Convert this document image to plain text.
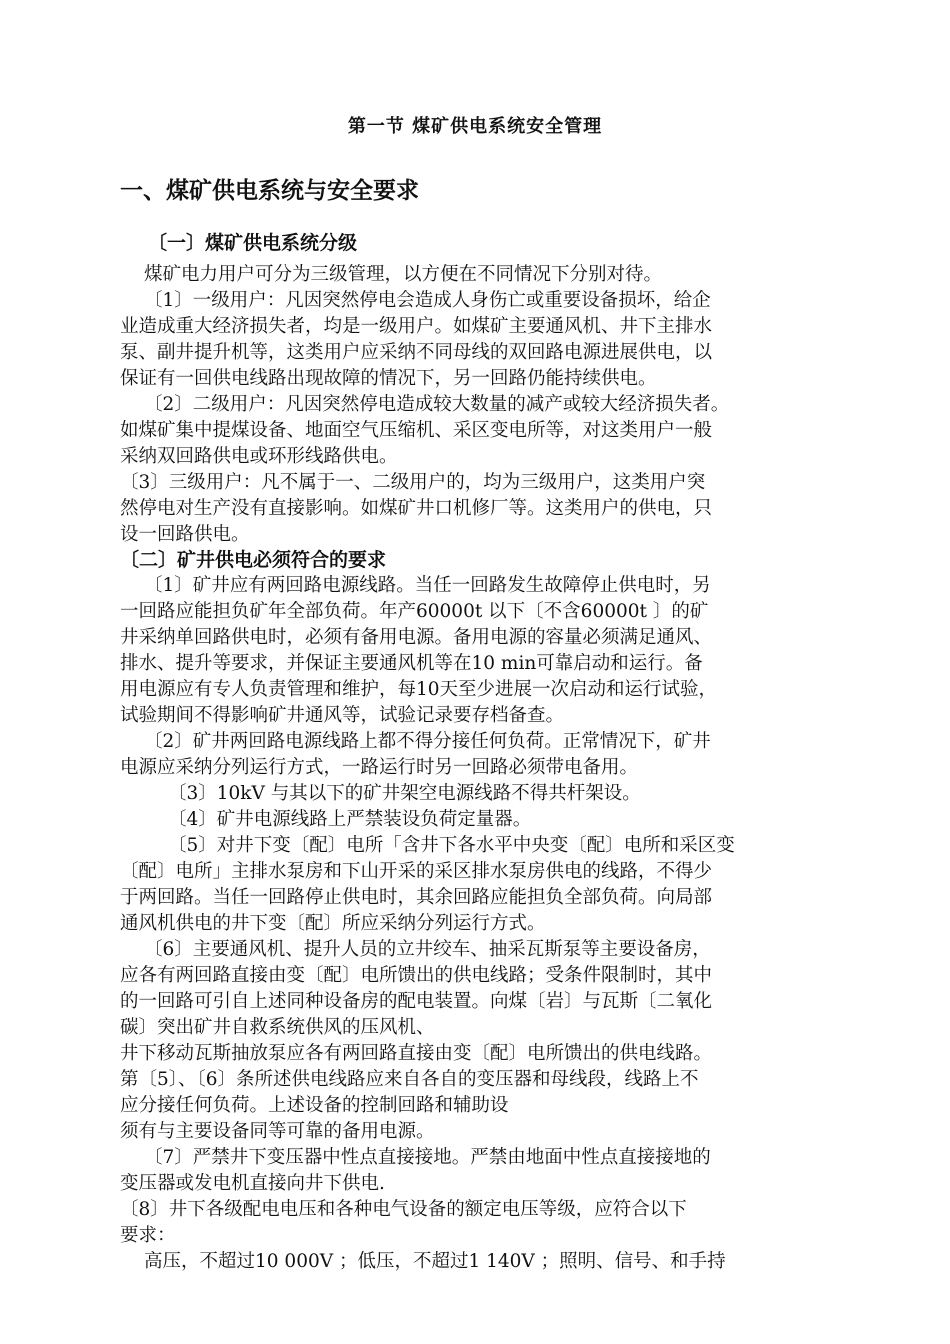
第一节 煤矿供电系统安全管理
一、煤矿供电系统与安全要求
〔一〕煤矿供电系统分级
煤矿电力用户可分为三级管理，以方便在不同情况下分别对待。
〔1〕一级用户：凡因突然停电会造成人身伤亡或重要设备损坏，给企
业造成重大经济损失者，均是一级用户。如煤矿主要通风机、井下主排水
泵、副井提升机等，这类用户应采纳不同母线的双回路电源进展供电，以
保证有一回供电线路出现故障的情况下，另一回路仍能持续供电。
〔2〕二级用户：凡因突然停电造成较大数量的减产或较大经济损失者。
如煤矿集中提煤设备、地面空气压缩机、采区变电所等，对这类用户一般
采纳双回路供电或环形线路供电。
〔3〕三级用户：凡不属于一、二级用户的，均为三级用户，这类用户突
然停电对生产没有直接影响。如煤矿井口机修厂等。这类用户的供电，只
设一回路供电。
〔二〕矿井供电必须符合的要求
〔1〕矿井应有两回路电源线路。当任一回路发生故障停止供电时，另
一回路应能担负矿年全部负荷。年产60000t 以下〔不含60000t 〕的矿
井采纳单回路供电时，必须有备用电源。备用电源的容量必须满足通风、
排水、提升等要求，并保证主要通风机等在10 min可靠启动和运行。备
用电源应有专人负责管理和维护，每10天至少进展一次启动和运行试验，
试验期间不得影响矿井通风等，试验记录要存档备查。
〔2〕矿井两回路电源线路上都不得分接任何负荷。正常情况下，矿井
电源应采纳分列运行方式，一路运行时另一回路必须带电备用。
〔3〕10kV 与其以下的矿井架空电源线路不得共杆架设。
〔4〕矿井电源线路上严禁装设负荷定量器。
〔5〕对井下变〔配〕电所「含井下各水平中央变〔配〕电所和采区变
〔配〕电所」主排水泵房和下山开采的采区排水泵房供电的线路，不得少
于两回路。当任一回路停止供电时，其余回路应能担负全部负荷。向局部
通风机供电的井下变〔配〕所应采纳分列运行方式。
〔6〕主要通风机、提升人员的立井绞车、抽采瓦斯泵等主要设备房，
应各有两回路直接由变〔配〕电所馈出的供电线路；受条件限制时，其中
的一回路可引自上述同种设备房的配电装置。向煤〔岩〕与瓦斯〔二氧化
碳〕突出矿井自救系统供风的压风机、
井下移动瓦斯抽放泵应各有两回路直接由变〔配〕电所馈出的供电线路。
第〔5〕、〔6〕条所述供电线路应来自各自的变压器和母线段，线路上不
应分接任何负荷。上述设备的控制回路和辅助设
须有与主要设备同等可靠的备用电源。
〔7〕严禁井下变压器中性点直接接地。严禁由地面中性点直接接地的
变压器或发电机直接向井下供电.
〔8〕井下各级配电电压和各种电气设备的额定电压等级，应符合以下
要求：
高压，不超过10 000V ；低压，不超过1 140V ；照明、信号、和手持
